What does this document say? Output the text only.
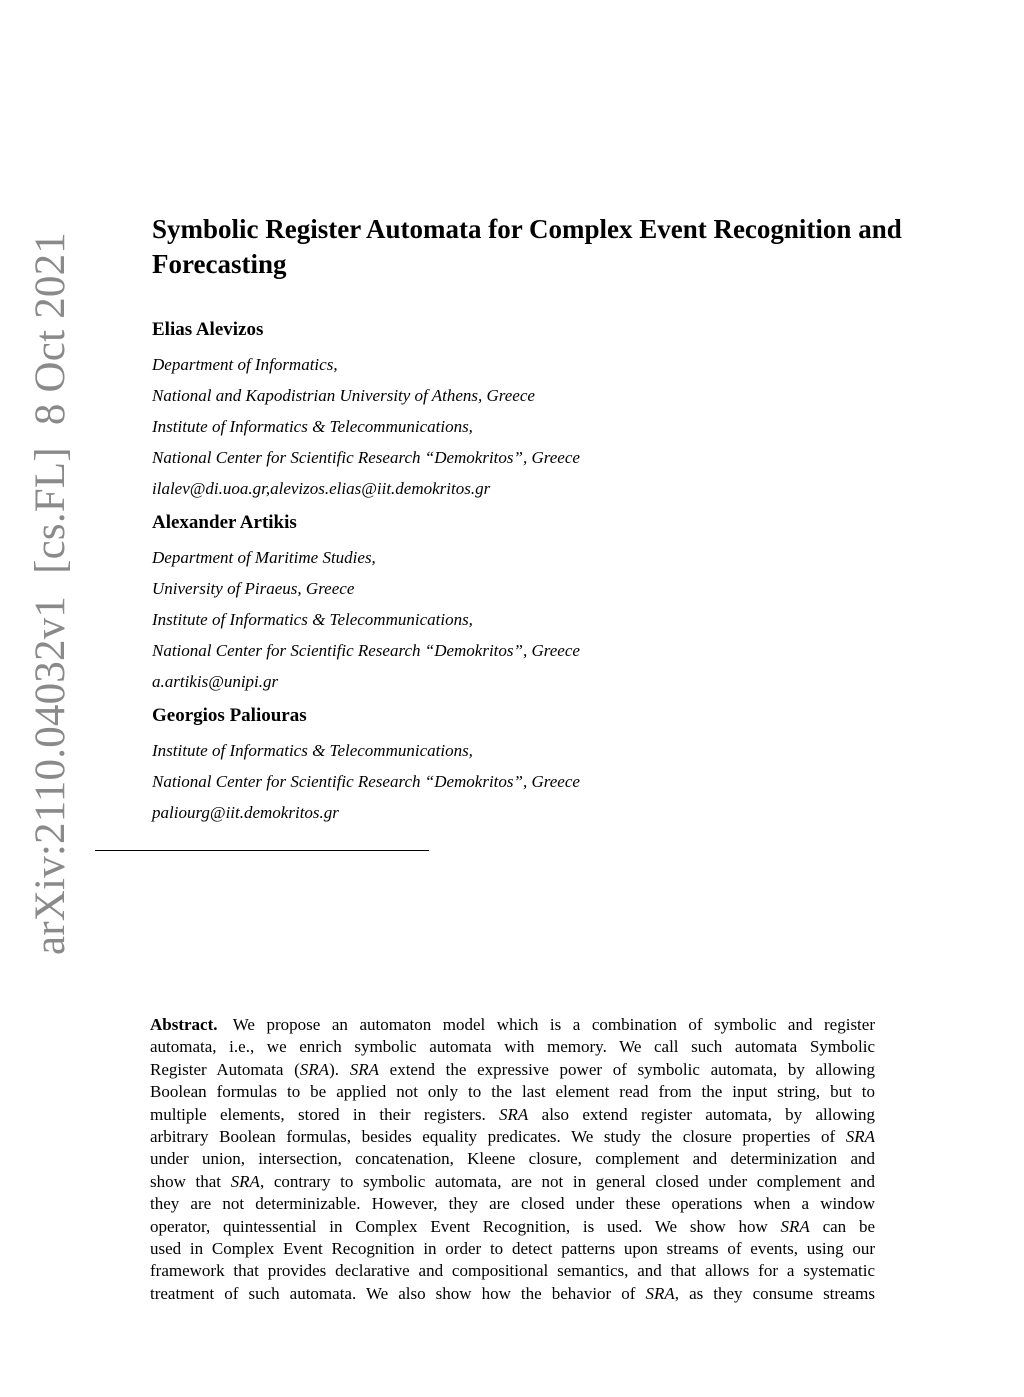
arXiv:2110.04032v1[cs.FL]8 Oct 2021
Symbolic Register Automata for Complex Event Recognition and
Forecasting
Elias Alevizos
Department of Informatics,
National and Kapodistrian University of Athens, Greece
Institute of Informatics & Telecommunications,
National Center for Scientific Research “Demokritos”, Greece
ilalev@di.uoa.gr,alevizos.elias@iit.demokritos.gr
Alexander Artikis
Department of Maritime Studies,
University of Piraeus, Greece
Institute of Informatics & Telecommunications,
National Center for Scientific Research “Demokritos”, Greece
a.artikis@unipi.gr
Georgios Paliouras
Institute of Informatics & Telecommunications,
National Center for Scientific Research “Demokritos”, Greece
paliourg@iit.demokritos.gr
Abstract. We propose an automaton model which is a combination of symbolic and register
automata, i.e., we enrich symbolic automata with memory. We call such automata Symbolic
Register Automata (SRA). SRA extend the expressive power of symbolic automata, by allowing
Boolean formulas to be applied not only to the last element read from the input string, but to
multiple elements, stored in their registers. SRA also extend register automata, by allowing
arbitrary Boolean formulas, besides equality predicates. We study the closure properties of SRA
under union, intersection, concatenation, Kleene closure, complement and determinization and
show that SRA, contrary to symbolic automata, are not in general closed under complement and
they are not determinizable. However, they are closed under these operations when a window
operator, quintessential in Complex Event Recognition, is used. We show how SRA can be
used in Complex Event Recognition in order to detect patterns upon streams of events, using our
framework that provides declarative and compositional semantics, and that allows for a systematic
treatment of such automata. We also show how the behavior of SRA, as they consume streams
